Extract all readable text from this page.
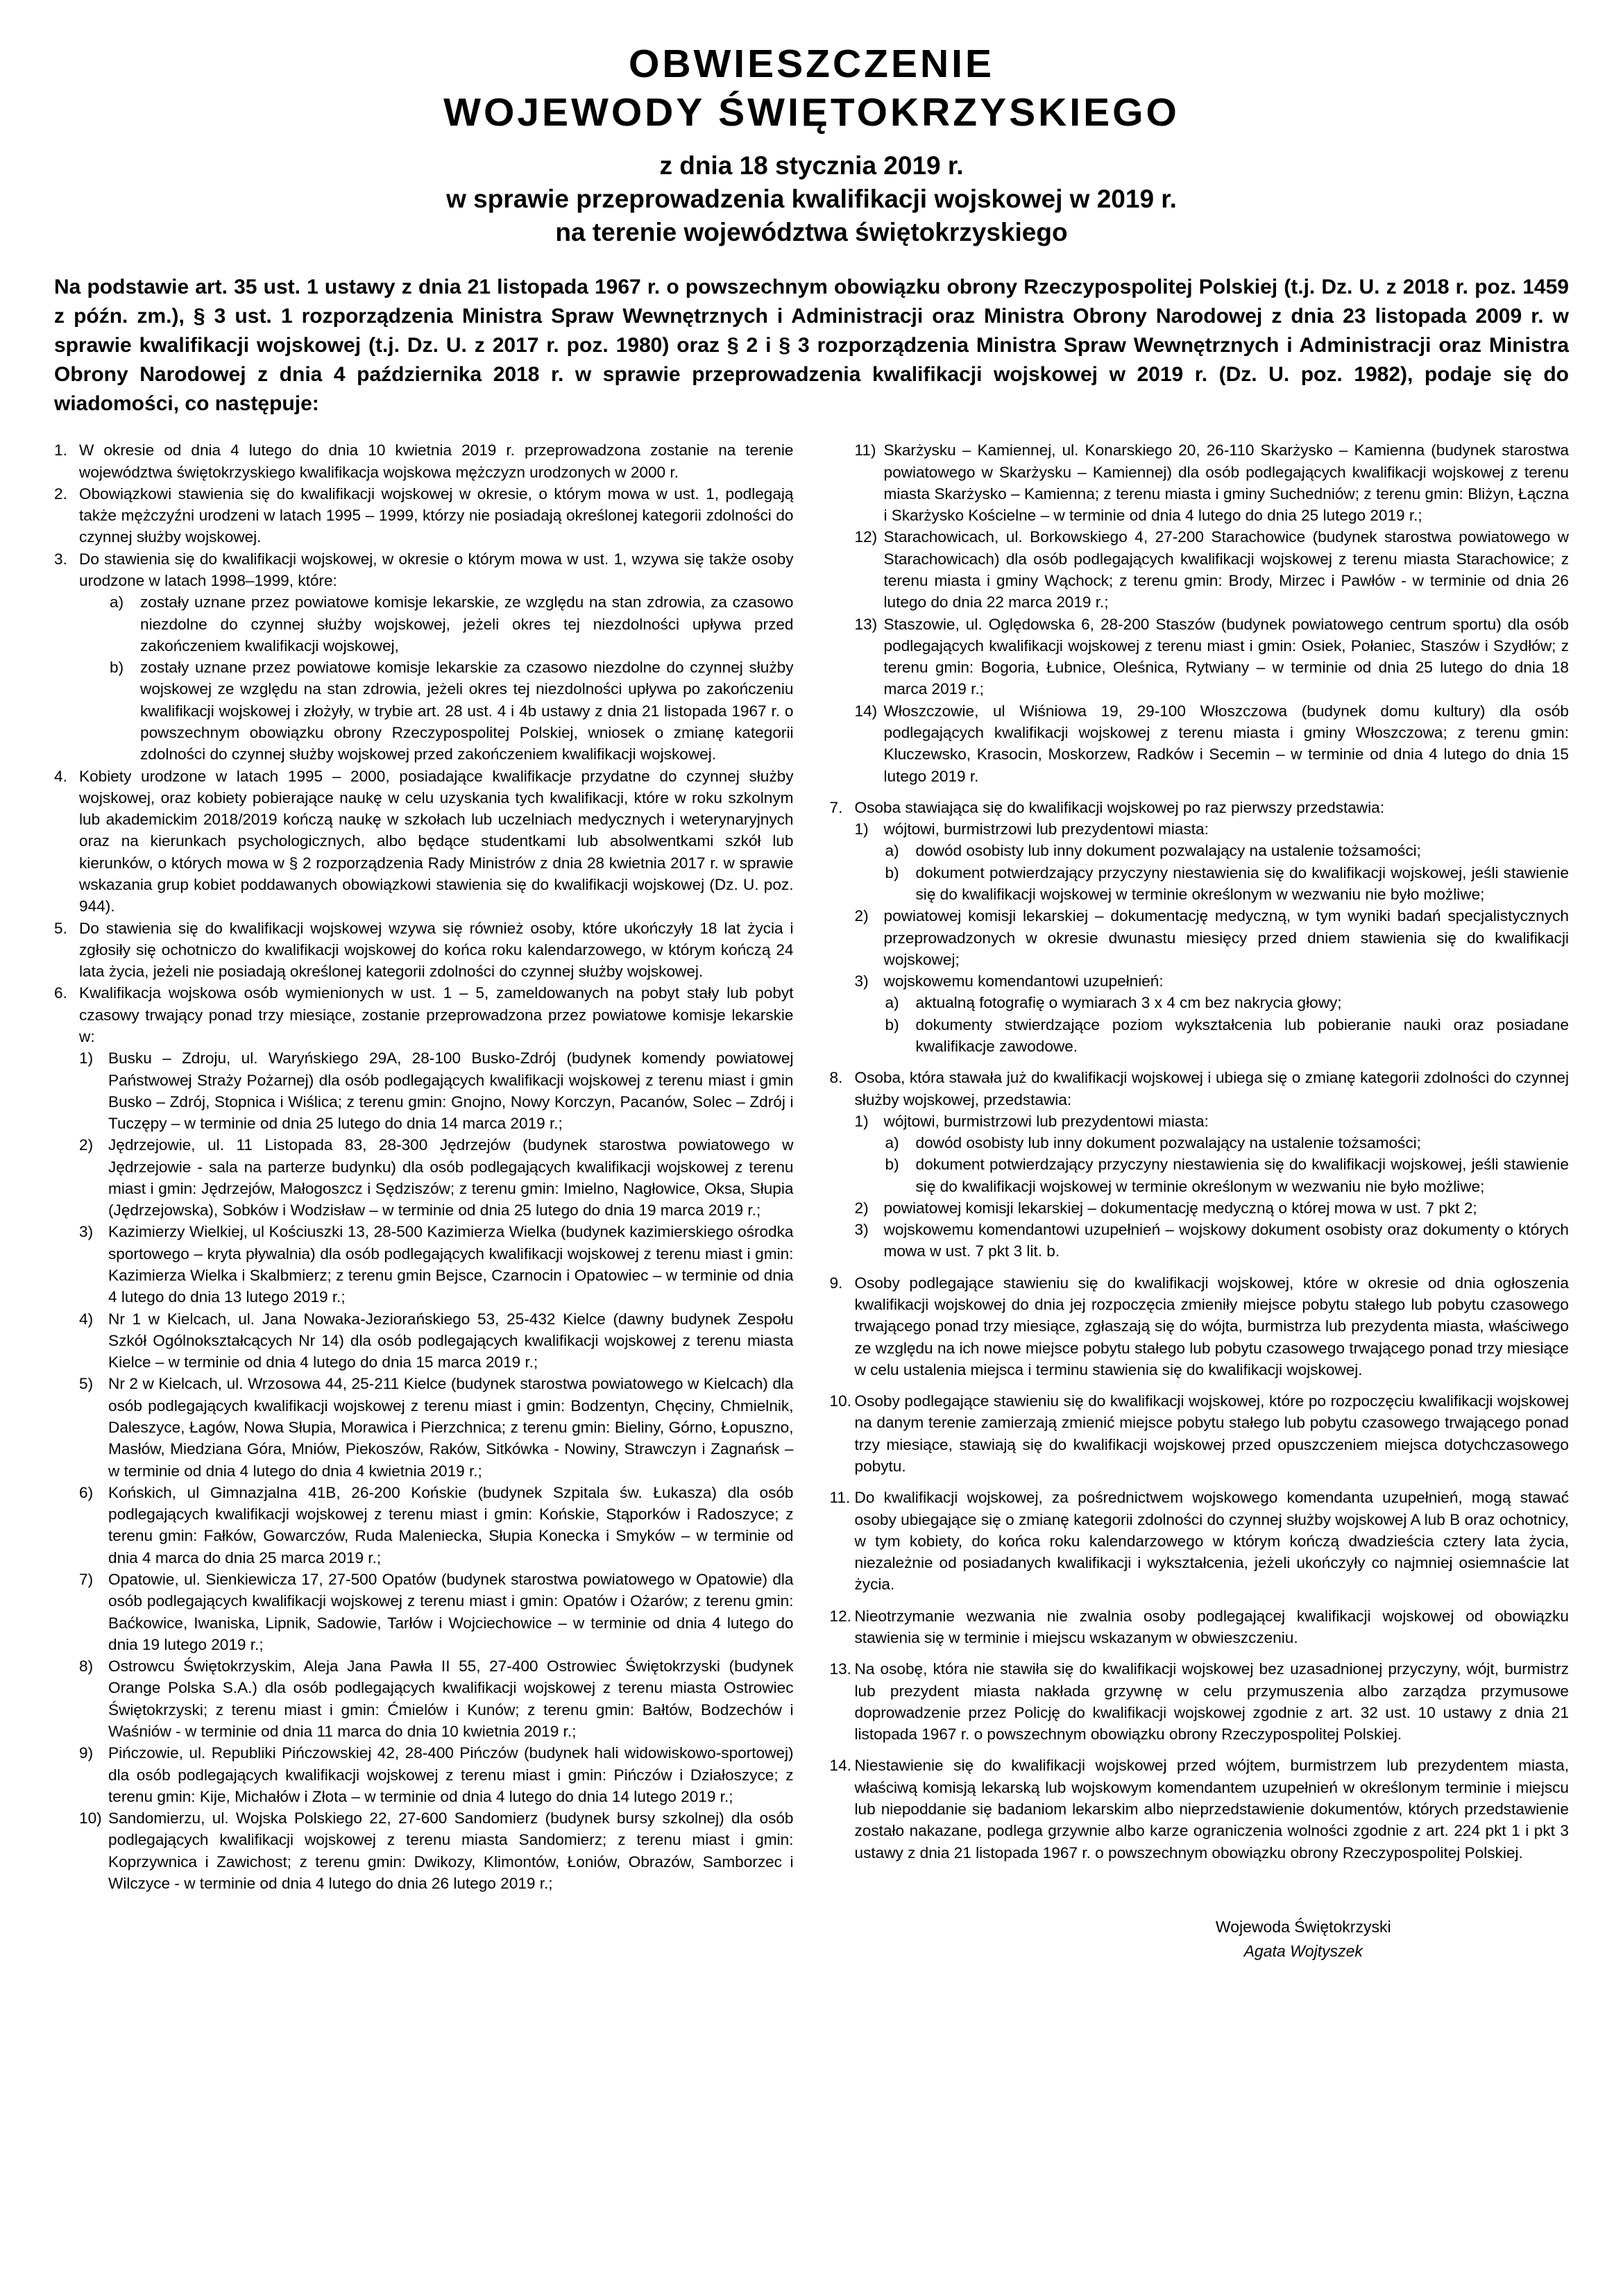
OBWIESZCZENIE
WOJEWODY ŚWIĘTOKRZYSKIEGO
z dnia 18 stycznia 2019 r.
w sprawie przeprowadzenia kwalifikacji wojskowej w 2019 r.
na terenie województwa świętokrzyskiego

Na podstawie art. 35 ust. 1 ustawy z dnia 21 listopada 1967 r. o powszechnym obowiązku obrony Rzeczypospolitej Polskiej (t.j. Dz. U. z 2018 r. poz. 1459 z późn. zm.), § 3 ust. 1 rozporządzenia Ministra Spraw Wewnętrznych i Administracji oraz Ministra Obrony Narodowej z dnia 23 listopada 2009 r. w sprawie kwalifikacji wojskowej (t.j. Dz. U. z 2017 r. poz. 1980) oraz § 2 i § 3 rozporządzenia Ministra Spraw Wewnętrznych i Administracji oraz Ministra Obrony Narodowej z dnia 4 października 2018 r. w sprawie przeprowadzenia kwalifikacji wojskowej w 2019 r. (Dz. U. poz. 1982), podaje się do wiadomości, co następuje:

1. W okresie od dnia 4 lutego do dnia 10 kwietnia 2019 r. przeprowadzona zostanie na terenie województwa świętokrzyskiego kwalifikacja wojskowa mężczyzn urodzonych w 2000 r.
2. Obowiązkowi stawienia się do kwalifikacji wojskowej w okresie, o którym mowa w ust. 1, podlegają także mężczyźni urodzeni w latach 1995 – 1999, którzy nie posiadają określonej kategorii zdolności do czynnej służby wojskowej.
3. Do stawienia się do kwalifikacji wojskowej, w okresie o którym mowa w ust. 1, wzywa się także osoby urodzone w latach 1998–1999, które:
a)	zostały uznane przez powiatowe komisje lekarskie, ze względu na stan zdrowia, za czasowo niezdolne do czynnej służby wojskowej, jeżeli okres tej niezdolności upływa przed zakończeniem kwalifikacji wojskowej,
b)	zostały uznane przez powiatowe komisje lekarskie za czasowo niezdolne do czynnej służby wojskowej ze względu na stan zdrowia, jeżeli okres tej niezdolności upływa po zakończeniu kwalifikacji wojskowej i złożyły, w trybie art. 28 ust. 4 i 4b ustawy z dnia 21 listopada 1967 r. o powszechnym obowiązku obrony Rzeczypospolitej Polskiej, wniosek o zmianę kategorii zdolności do czynnej służby wojskowej przed zakończeniem kwalifikacji wojskowej.
4. Kobiety urodzone w latach 1995 – 2000, posiadające kwalifikacje przydatne do czynnej służby wojskowej, oraz kobiety pobierające naukę w celu uzyskania tych kwalifikacji, które w roku szkolnym lub akademickim 2018/2019 kończą naukę w szkołach lub uczelniach medycznych i weterynaryjnych oraz na kierunkach psychologicznych, albo będące studentkami lub absolwentkami szkół lub kierunków, o których mowa w § 2 rozporządzenia Rady Ministrów z dnia 28 kwietnia 2017 r. w sprawie wskazania grup kobiet poddawanych obowiązkowi stawienia się do kwalifikacji wojskowej (Dz. U. poz. 944).
5. Do stawienia się do kwalifikacji wojskowej wzywa się również osoby, które ukończyły 18 lat życia i zgłosiły się ochotniczo do kwalifikacji wojskowej do końca roku kalendarzowego, w którym kończą 24 lata życia, jeżeli nie posiadają określonej kategorii zdolności do czynnej służby wojskowej.
6. Kwalifikacja wojskowa osób wymienionych w ust. 1 – 5, zameldowanych na pobyt stały lub pobyt czasowy trwający ponad trzy miesiące, zostanie przeprowadzona przez powiatowe komisje lekarskie w:
1) Busku – Zdroju, ul. Waryńskiego 29A, 28-100 Busko-Zdrój (budynek komendy powiatowej Państwowej Straży Pożarnej) dla osób podlegających kwalifikacji wojskowej z terenu miast i gmin Busko – Zdrój, Stopnica i Wiślica; z terenu gmin: Gnojno, Nowy Korczyn, Pacanów, Solec – Zdrój i Tuczępy – w terminie od dnia 25 lutego do dnia 14 marca 2019 r.;
2) Jędrzejowie, ul. 11 Listopada 83, 28-300 Jędrzejów (budynek starostwa powiatowego w Jędrzejowie - sala na parterze budynku) dla osób podlegających kwalifikacji wojskowej z terenu miast i gmin: Jędrzejów, Małogoszcz i Sędziszów; z terenu gmin: Imielno, Nagłowice, Oksa, Słupia (Jędrzejowska), Sobków i Wodzisław – w terminie od dnia 25 lutego do dnia 19 marca 2019 r.;
3) Kazimierzy Wielkiej, ul Kościuszki 13, 28-500 Kazimierza Wielka (budynek kazimierskiego ośrodka sportowego – kryta pływalnia) dla osób podlegających kwalifikacji wojskowej z terenu miast i gmin: Kazimierza Wielka i Skalbmierz; z terenu gmin Bejsce, Czarnocin i Opatowiec – w terminie od dnia 4 lutego do dnia 13 lutego 2019 r.;
4) Nr 1 w Kielcach, ul. Jana Nowaka-Jeziorańskiego 53, 25-432 Kielce (dawny budynek Zespołu Szkół Ogólnokształcących Nr 14) dla osób podlegających kwalifikacji wojskowej z terenu miasta Kielce – w terminie od dnia 4 lutego do dnia 15 marca 2019 r.;
5) Nr 2 w Kielcach, ul. Wrzosowa 44, 25-211 Kielce (budynek starostwa powiatowego w Kielcach) dla osób podlegających kwalifikacji wojskowej z terenu miast i gmin: Bodzentyn, Chęciny, Chmielnik, Daleszyce, Łagów, Nowa Słupia, Morawica i Pierzchnica; z terenu gmin: Bieliny, Górno, Łopuszno, Masłów, Miedziana Góra, Mniów, Piekoszów, Raków, Sitkówka - Nowiny, Strawczyn i Zagnańsk – w terminie od dnia 4 lutego do dnia 4 kwietnia 2019 r.;
6) Końskich, ul Gimnazjalna 41B, 26-200 Końskie (budynek Szpitala św. Łukasza) dla osób podlegających kwalifikacji wojskowej z terenu miast i gmin: Końskie, Stąporków i Radoszyce; z terenu gmin: Fałków, Gowarczów, Ruda Maleniecka, Słupia Konecka i Smyków – w terminie od dnia 4 marca do dnia 25 marca 2019 r.;
7) Opatowie, ul. Sienkiewicza 17, 27-500 Opatów (budynek starostwa powiatowego w Opatowie) dla osób podlegających kwalifikacji wojskowej z terenu miast i gmin: Opatów i Ożarów; z terenu gmin: Baćkowice, Iwaniska, Lipnik, Sadowie, Tarłów i Wojciechowice – w terminie od dnia 4 lutego do dnia 19 lutego 2019 r.;
8) Ostrowcu Świętokrzyskim, Aleja Jana Pawła II 55, 27-400 Ostrowiec Świętokrzyski (budynek Orange Polska S.A.) dla osób podlegających kwalifikacji wojskowej z terenu miasta Ostrowiec Świętokrzyski; z terenu miast i gmin: Ćmielów i Kunów; z terenu gmin: Bałtów, Bodzechów i Waśniów - w terminie od dnia 11 marca do dnia 10 kwietnia 2019 r.;
9) Pińczowie, ul. Republiki Pińczowskiej 42, 28-400 Pińczów (budynek hali widowiskowo-sportowej) dla osób podlegających kwalifikacji wojskowej z terenu miast i gmin: Pińczów i Działoszyce; z terenu gmin: Kije, Michałów i Złota – w terminie od dnia 4 lutego do dnia 14 lutego 2019 r.;
10) Sandomierzu, ul. Wojska Polskiego 22, 27-600 Sandomierz (budynek bursy szkolnej) dla osób podlegających kwalifikacji wojskowej z terenu miasta Sandomierz; z terenu miast i gmin: Koprzywnica i Zawichost; z terenu gmin: Dwikozy, Klimontów, Łoniów, Obrazów, Samborzec i Wilczyce - w terminie od dnia 4 lutego do dnia 26 lutego 2019 r.;
11) Skarżysku – Kamiennej, ul. Konarskiego 20, 26-110 Skarżysko – Kamienna (budynek starostwa powiatowego w Skarżysku – Kamiennej) dla osób podlegających kwalifikacji wojskowej z terenu miasta Skarżysko – Kamienna; z terenu miasta i gminy Suchedniów; z terenu gmin: Bliżyn, Łączna i Skarżysko Kościelne – w terminie od dnia 4 lutego do dnia 25 lutego 2019 r.;
12) Starachowicach, ul. Borkowskiego 4, 27-200 Starachowice (budynek starostwa powiatowego w Starachowicach) dla osób podlegających kwalifikacji wojskowej z terenu miasta Starachowice; z terenu miasta i gminy Wąchock; z terenu gmin: Brody, Mirzec i Pawłów - w terminie od dnia 26 lutego do dnia 22 marca 2019 r.;
13) Staszowie, ul. Oględowska 6, 28-200 Staszów (budynek powiatowego centrum sportu) dla osób podlegających kwalifikacji wojskowej z terenu miast i gmin: Osiek, Połaniec, Staszów i Szydłów; z terenu gmin: Bogoria, Łubnice, Oleśnica, Rytwiany – w terminie od dnia 25 lutego do dnia 18 marca 2019 r.;
14) Włoszczowie, ul Wiśniowa 19, 29-100 Włoszczowa (budynek domu kultury) dla osób podlegających kwalifikacji wojskowej z terenu miasta i gminy Włoszczowa; z terenu gmin: Kluczewsko, Krasocin, Moskorzew, Radków i Secemin – w terminie od dnia 4 lutego do dnia 15 lutego 2019 r.
7. Osoba stawiająca się do kwalifikacji wojskowej po raz pierwszy przedstawia:
1) wójtowi, burmistrzowi lub prezydentowi miasta:
a)	dowód osobisty lub inny dokument pozwalający na ustalenie tożsamości;
b)	dokument potwierdzający przyczyny niestawienia się do kwalifikacji wojskowej, jeśli stawienie się do kwalifikacji wojskowej w terminie określonym w wezwaniu nie było możliwe;
2) powiatowej komisji lekarskiej – dokumentację medyczną, w tym wyniki badań specjalistycznych przeprowadzonych w okresie dwunastu miesięcy przed dniem stawienia się do kwalifikacji wojskowej;
3) wojskowemu komendantowi uzupełnień:
a)	aktualną fotografię o wymiarach 3 x 4 cm bez nakrycia głowy;
b)	dokumenty stwierdzające poziom wykształcenia lub pobieranie nauki oraz posiadane kwalifikacje zawodowe.
8. Osoba, która stawała już do kwalifikacji wojskowej i ubiega się o zmianę kategorii zdolności do czynnej służby wojskowej, przedstawia:
1) wójtowi, burmistrzowi lub prezydentowi miasta:
a)	dowód osobisty lub inny dokument pozwalający na ustalenie tożsamości;
b)	dokument potwierdzający przyczyny niestawienia się do kwalifikacji wojskowej, jeśli stawienie się do kwalifikacji wojskowej w terminie określonym w wezwaniu nie było możliwe;
2) powiatowej komisji lekarskiej – dokumentację medyczną o której mowa w ust. 7 pkt 2;
3) wojskowemu komendantowi uzupełnień – wojskowy dokument osobisty oraz dokumenty o których mowa w ust. 7 pkt 3 lit. b.
9. Osoby podlegające stawieniu się do kwalifikacji wojskowej, które w okresie od dnia ogłoszenia kwalifikacji wojskowej do dnia jej rozpoczęcia zmieniły miejsce pobytu stałego lub pobytu czasowego trwającego ponad trzy miesiące, zgłaszają się do wójta, burmistrza lub prezydenta miasta, właściwego ze względu na ich nowe miejsce pobytu stałego lub pobytu czasowego trwającego ponad trzy miesiące w celu ustalenia miejsca i terminu stawienia się do kwalifikacji wojskowej.
10. Osoby podlegające stawieniu się do kwalifikacji wojskowej, które po rozpoczęciu kwalifikacji wojskowej na danym terenie zamierzają zmienić miejsce pobytu stałego lub pobytu czasowego trwającego ponad trzy miesiące, stawiają się do kwalifikacji wojskowej przed opuszczeniem miejsca dotychczasowego pobytu.
11. Do kwalifikacji wojskowej, za pośrednictwem wojskowego komendanta uzupełnień, mogą stawać osoby ubiegające się o zmianę kategorii zdolności do czynnej służby wojskowej A lub B oraz ochotnicy, w tym kobiety, do końca roku kalendarzowego w którym kończą dwadzieścia cztery lata życia, niezależnie od posiadanych kwalifikacji i wykształcenia, jeżeli ukończyły co najmniej osiemnaście lat życia.
12. Nieotrzymanie wezwania nie zwalnia osoby podlegającej kwalifikacji wojskowej od obowiązku stawienia się w terminie i miejscu wskazanym w obwieszczeniu.
13. Na osobę, która nie stawiła się do kwalifikacji wojskowej bez uzasadnionej przyczyny, wójt, burmistrz lub prezydent miasta nakłada grzywnę w celu przymuszenia albo zarządza przymusowe doprowadzenie przez Policję do kwalifikacji wojskowej zgodnie z art. 32 ust. 10 ustawy z dnia 21 listopada 1967 r. o powszechnym obowiązku obrony Rzeczypospolitej Polskiej.
14. Niestawienie się do kwalifikacji wojskowej przed wójtem, burmistrzem lub prezydentem miasta, właściwą komisją lekarską lub wojskowym komendantem uzupełnień w określonym terminie i miejscu lub niepoddanie się badaniom lekarskim albo nieprzedstawienie dokumentów, których przedstawienie zostało nakazane, podlega grzywnie albo karze ograniczenia wolności zgodnie z art. 224 pkt 1 i pkt 3 ustawy z dnia 21 listopada 1967 r. o powszechnym obowiązku obrony Rzeczypospolitej Polskiej.
Wojewoda Świętokrzyski
Agata Wojtyszek
